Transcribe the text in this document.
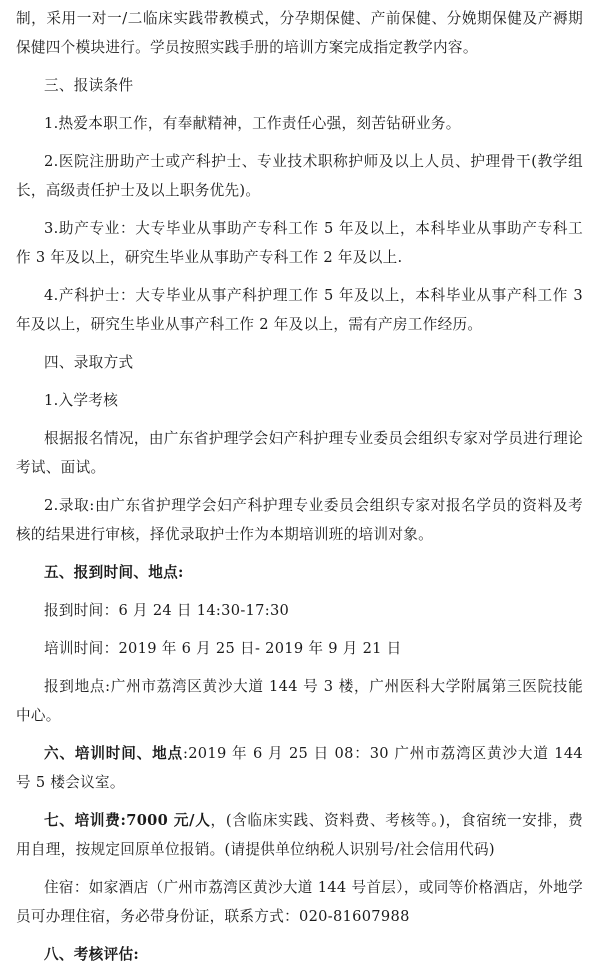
制，采用一对一/二临床实践带教模式，分孕期保健、产前保健、分娩期保健及产褥期保健四个模块进行。学员按照实践手册的培训方案完成指定教学内容。

三、报读条件

1.热爱本职工作，有奉献精神，工作责任心强，刻苦钻研业务。

2.医院注册助产士或产科护士、专业技术职称护师及以上人员、护理骨干(教学组长，高级责任护士及以上职务优先)。

3.助产专业：大专毕业从事助产专科工作 5 年及以上，本科毕业从事助产专科工作 3 年及以上，研究生毕业从事助产专科工作 2 年及以上.

4.产科护士：大专毕业从事产科护理工作 5 年及以上，本科毕业从事产科工作 3 年及以上，研究生毕业从事产科工作 2 年及以上，需有产房工作经历。

四、录取方式

1.入学考核

根据报名情况，由广东省护理学会妇产科护理专业委员会组织专家对学员进行理论考试、面试。

2.录取:由广东省护理学会妇产科护理专业委员会组织专家对报名学员的资料及考核的结果进行审核，择优录取护士作为本期培训班的培训对象。

五、报到时间、地点:

报到时间：6 月 24 日 14:30-17:30

培训时间：2019 年 6 月 25 日- 2019 年 9 月 21 日

报到地点:广州市荔湾区黄沙大道 144 号 3 楼，广州医科大学附属第三医院技能中心。

六、培训时间、地点:2019 年 6 月 25 日 08：30 广州市荔湾区黄沙大道 144 号 5 楼会议室。

七、培训费:7000 元/人，(含临床实践、资料费、考核等。)，食宿统一安排，费用自理，按规定回原单位报销。(请提供单位纳税人识别号/社会信用代码)

住宿：如家酒店（广州市荔湾区黄沙大道 144 号首层），或同等价格酒店，外地学员可办理住宿，务必带身份证，联系方式：020-81607988

八、考核评估:
